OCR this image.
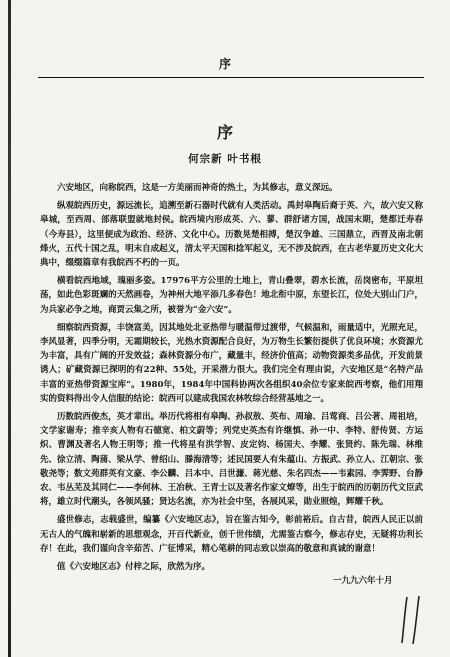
序
序
何宗新 叶书根

六安地区，向称皖西，这是一方美丽而神奇的热土，为其修志，意义深远。

纵观皖西历史，源远流长，追溯至新石器时代就有人类活动。禹封皋陶后裔于英、六，故六安又称皋城，至西周、部落联盟就地封侯。皖西境内形成英、六、蓼、群舒诸方国，战国末期，楚都迁寿春（今寿县），这里便成为政治、经济、文化中心。历数晃楚相搏，楚汉争雄、三国鼎立，西晋及南北朝烽火，五代十国之乱，明末自成起义，清太平天国和捻军起义，无不涉及皖西，在古老华夏历史文化大典中，缀缀篇章有我皖西不朽的一页。

横看皖西地域，瑰丽多姿。17976平方公里的土地上，青山叠翠，碧水长流，岳岗密布，平原坦荡，如此色彩斑斓的天然画卷，为神州大地平添几多春色！地北衔中原，东望长江，位处大别山门户，为兵家必争之地，商贾云集之所，被誉为“金六安”。

细察皖西资源，丰饶富美，因其地处北亚热带与暖温带过渡带，气候温和，雨量适中，光照充足，李风显著，四季分明，无霜期较长，光热水资源配合良好，为万物生长繁衍提供了优良环境；水资源尤为丰富，具有广阔的开发效益；森林资源分布广，藏量丰，经济价值高；动物资源类多品优，开发前景诱人；矿藏资源已探明的有22种、55处，开采潜力很大。我们完全有理由说，六安地区是“名特产品丰富的亚热带资源宝库”。1980年，1984年中国科协两次各组织40余位专家来皖西考察，他们用翔实的资料得出令人信服的结论：皖西可以建成我国农林牧综合经营基地之一。

历数皖西俊杰，英才辈出。举历代将相有皋陶、孙叔敖、英布、周瑜、吕莺商、吕公著、周祖培，文学家谢寿；推辛亥人物有石德宽、柏文蔚等；列党史英杰有许继慎、孙一中、李特、舒传贤、方运炽、曹渊及著名人物王明等；推一代将星有洪学智、皮定钧、杨国夫、李耀、张贤约、陈先瑞、林维先、徐立清、陶蒲、梁从学、曾绍山、滕海清等；述民国要人有朱蕴山、方振武、孙立人、江朝宗、张敬尧等；数文苑群英有文豪、李公麟、吕本中、吕世濂、蒋光慈、朱名四杰——韦素园、李霁野、台静农、韦丛芜及其同仁——李何林、王冶秋、王青士以及著名作家文燎等，出生于皖西的历朝历代文臣武将，雄立时代潮头，各领风骚；贤达名流，亦为社会中坚，各展风采，勋业照煌，辉耀千秋。

盛世修志，志载盛世，编纂《六安地区志》，旨在鉴古知今，彰前裕后。自古昔，皖西人民正以前无古人的气魄和崭新的思想观念，开百代新业，创千世伟绩，尤需鉴古察今，修志存史，无疑将功利长存！在此，我们谨向含辛茹苦、广征博采，精心笔耕的同志致以崇高的敬意和真诚的谢意！

值《六安地区志》付梓之际，欣然为序。

一九九六年十月
